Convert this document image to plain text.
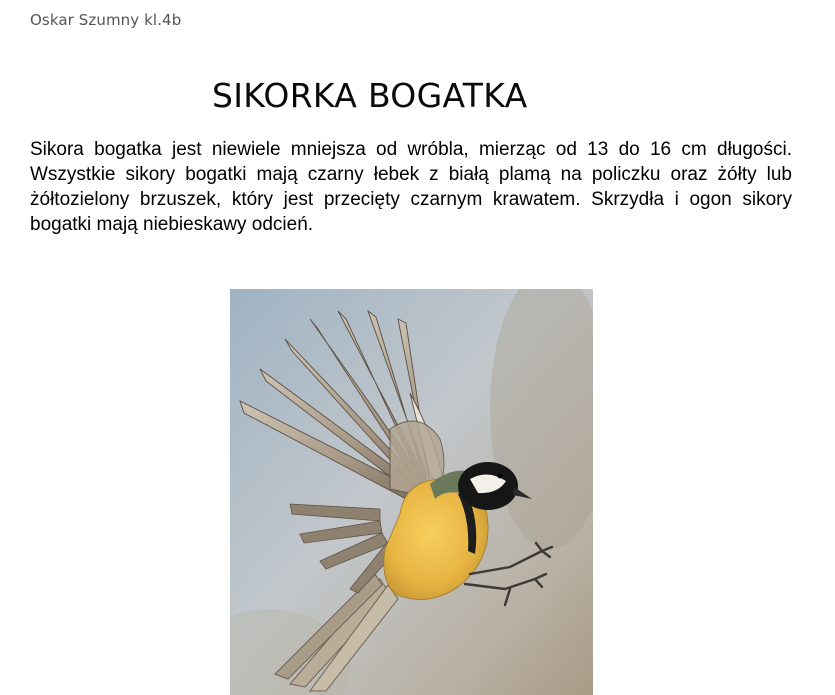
Oskar Szumny kl.4b
SIKORKA BOGATKA

Sikora bogatka jest niewiele mniejsza od wróbla, mierząc od 13 do 16 cm długości. Wszystkie sikory bogatki mają czarny łebek z białą plamą na policzku oraz żółty lub żółtozielony brzuszek, który jest przecięty czarnym krawatem. Skrzydła i ogon sikory bogatki mają niebieskawy odcień.
